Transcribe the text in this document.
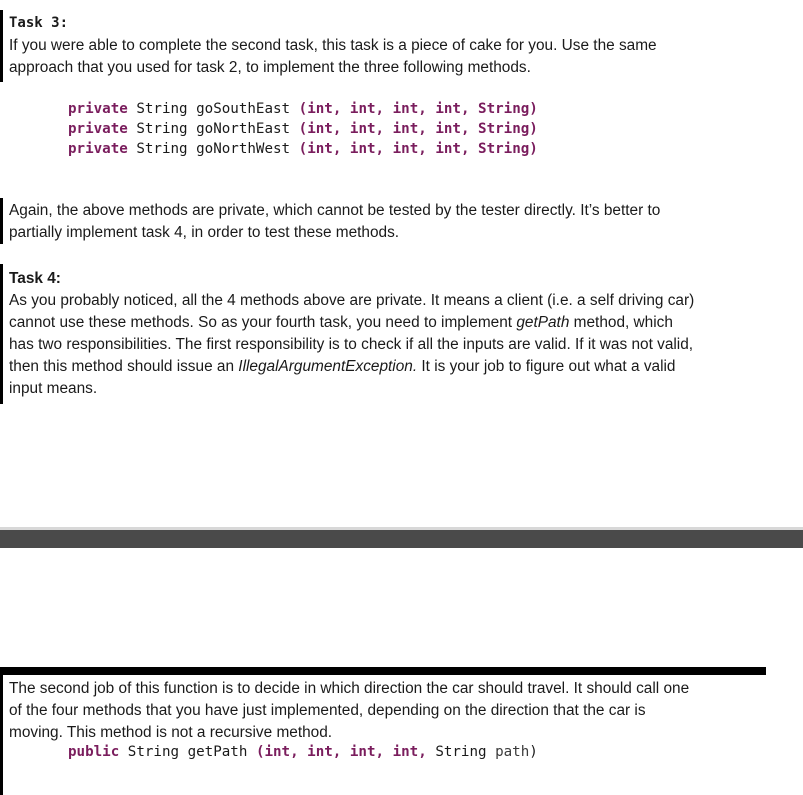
Task 3:
If you were able to complete the second task, this task is a piece of cake for you. Use the same
approach that you used for task 2, to implement the three following methods.
private String goSouthEast (int, int, int, int, String)
private String goNorthEast (int, int, int, int, String)
private String goNorthWest (int, int, int, int, String)
Again, the above methods are private, which cannot be tested by the tester directly. It’s better to
partially implement task 4, in order to test these methods.
Task 4:
As you probably noticed, all the 4 methods above are private. It means a client (i.e. a self driving car)
cannot use these methods. So as your fourth task, you need to implement getPath method, which
has two responsibilities. The first responsibility is to check if all the inputs are valid. If it was not valid,
then this method should issue an IllegalArgumentException. It is your job to figure out what a valid
input means.
The second job of this function is to decide in which direction the car should travel. It should call one
of the four methods that you have just implemented, depending on the direction that the car is
moving. This method is not a recursive method.
public String getPath (int, int, int, int, String path)
